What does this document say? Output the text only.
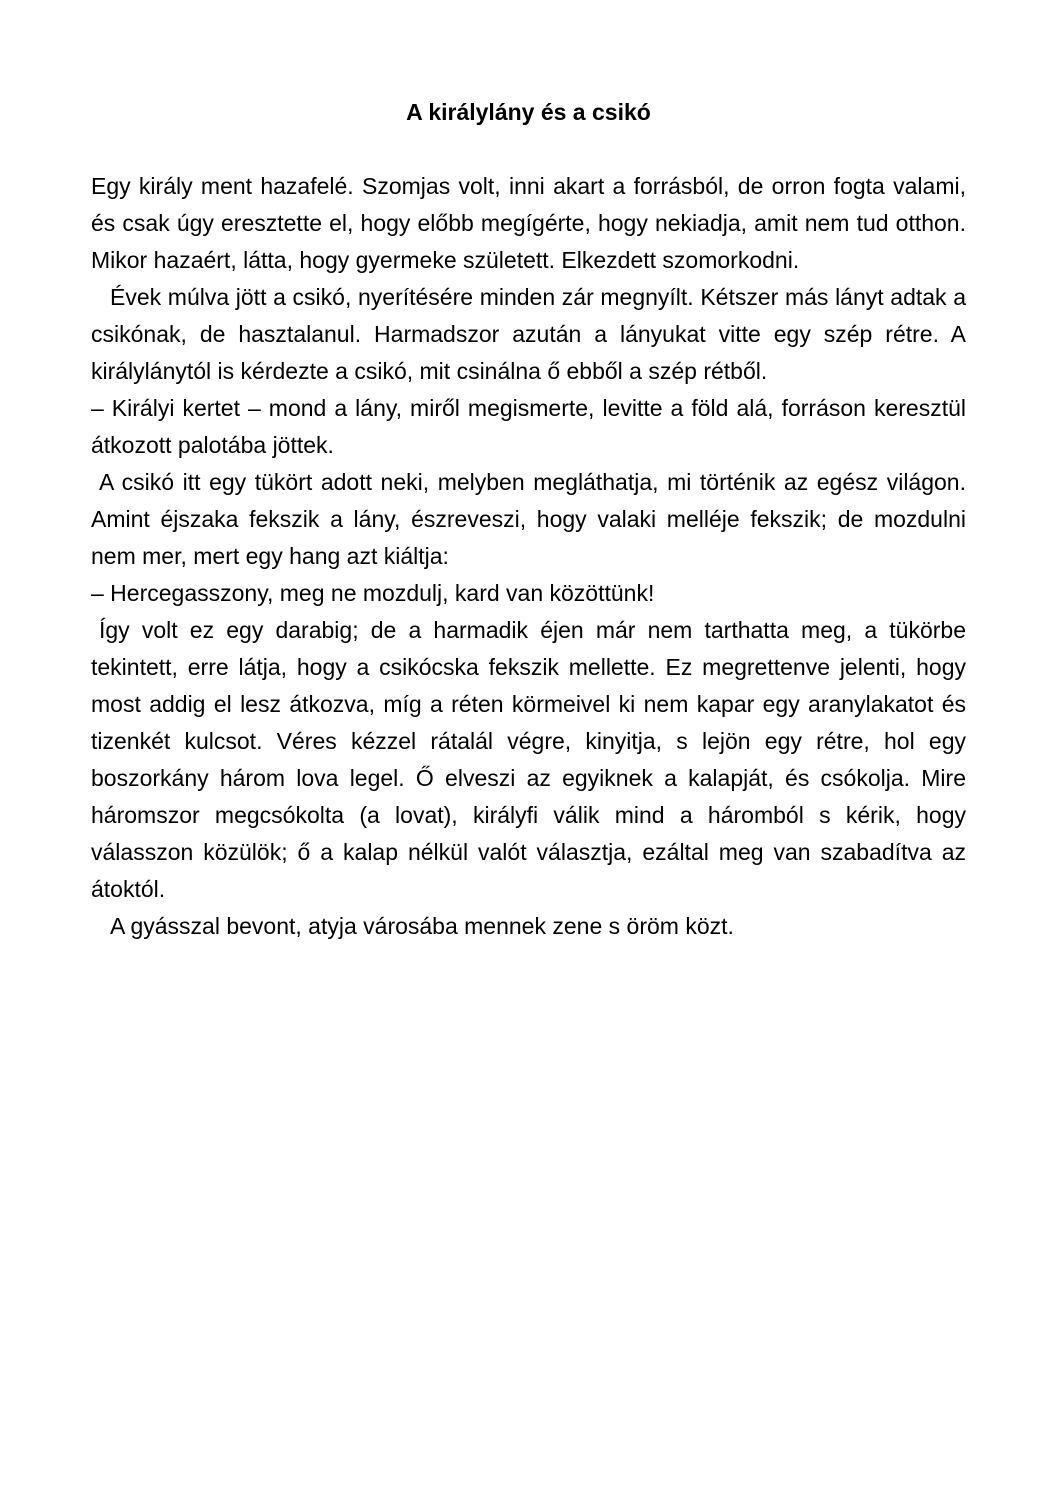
A királylány és a csikó

Egy király ment hazafelé. Szomjas volt, inni akart a forrásból, de orron fogta valami, és csak úgy eresztette el, hogy előbb megígérte, hogy nekiadja, amit nem tud otthon. Mikor hazaért, látta, hogy gyermeke született. Elkezdett szomorkodni.

Évek múlva jött a csikó, nyerítésére minden zár megnyílt. Kétszer más lányt adtak a csikónak, de hasztalanul. Harmadszor azután a lányukat vitte egy szép rétre. A királylánytól is kérdezte a csikó, mit csinálna ő ebből a szép rétből.

– Királyi kertet – mond a lány, miről megismerte, levitte a föld alá, forráson keresztül átkozott palotába jöttek.

A csikó itt egy tükört adott neki, melyben megláthatja, mi történik az egész világon. Amint éjszaka fekszik a lány, észreveszi, hogy valaki melléje fekszik; de mozdulni nem mer, mert egy hang azt kiáltja:

– Hercegasszony, meg ne mozdulj, kard van közöttünk!

Így volt ez egy darabig; de a harmadik éjen már nem tarthatta meg, a tükörbe tekintett, erre látja, hogy a csikócska fekszik mellette. Ez megrettenve jelenti, hogy most addig el lesz átkozva, míg a réten körmeivel ki nem kapar egy aranylakatot és tizenkét kulcsot. Véres kézzel rátalál végre, kinyitja, s lejön egy rétre, hol egy boszorkány három lova legel. Ő elveszi az egyiknek a kalapját, és csókolja. Mire háromszor megcsókolta (a lovat), királyfi válik mind a háromból s kérik, hogy válasszon közülök; ő a kalap nélkül valót választja, ezáltal meg van szabadítva az átoktól.

A gyásszal bevont, atyja városába mennek zene s öröm közt.
